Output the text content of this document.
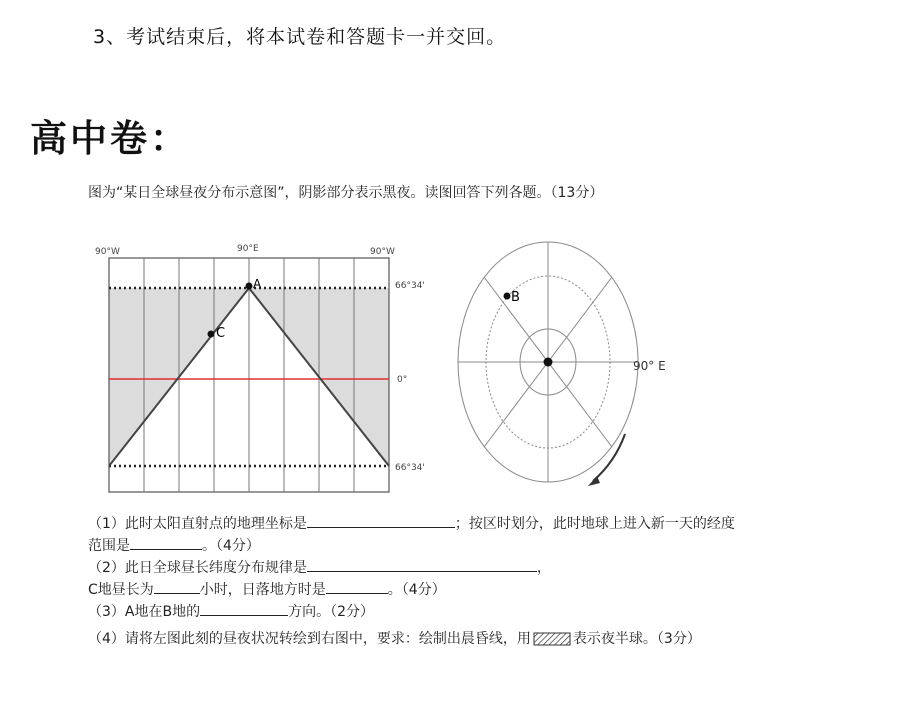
3、考试结束后，将本试卷和答题卡一并交回。
高中卷：
图为“某日全球昼夜分布示意图”，阴影部分表示黑夜。读图回答下列各题。（13分）
A
C
90°W	90°E	90°W
66°34'
0°
66°34'
B
90° E
（1）此时太阳直射点的地理坐标是	；按区时划分，此时地球上进入新一天的经度
范围是	。（4分）
（2）此日全球昼长纬度分布规律是	，
C地昼长为	小时，日落地方时是	。（4分）
（3）A地在B地的	方向。（2分）
（4）请将左图此刻的昼夜状况转绘到右图中，要求：绘制出晨昏线，用	表示夜半球。（3分）
